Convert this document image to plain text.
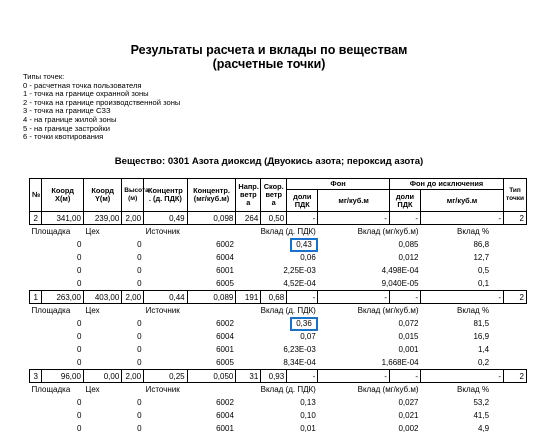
Результаты расчета и вклады по веществам
(расчетные точки)
Типы точек:
0 - расчетная точка пользователя
1 - точка на границе охранной зоны
2 - точка на границе производственной зоны
3 - точка на границе СЗЗ
4 - на границе жилой зоны
5 - на границе застройки
6 - точки квотирования
Вещество: 0301 Азота диоксид (Двуокись азота; пероксид азота)
№	Коорд X(м)	Коорд Y(м)	Высота (м)	Концентр . (д. ПДК)	Концентр. (мг/куб.м)	Напр. ветр а	Скор. ветр а	Фон		Фон до исключения			Тип точки
								доли ПДК	мг/куб.м	доли ПДК	мг/куб.м		
2	341,00	239,00	2,00	0,49	0,098	264	0,50	-	-	-	-		2
Площадка		Цех		Источник		Вклад (д. ПДК)			Вклад (мг/куб.м)		Вклад %		
0		0		6002		0,43			0,085		86,8		
0		0		6004		0,06			0,012		12,7		
0		0		6001		2,25E-03			4,498E-04		0,5		
0		0		6005		4,52E-04			9,040E-05		0,1		
1	263,00	403,00	2,00	0,44	0,089	191	0,68	-	-	-	-		2
Площадка		Цех		Источник		Вклад (д. ПДК)			Вклад (мг/куб.м)		Вклад %		
0		0		6002		0,36			0,072		81,5		
0		0		6004		0,07			0,015		16,9		
0		0		6001		6,23E-03			0,001		1,4		
0		0		6005		8,34E-04			1,668E-04		0,2		
3	96,00	0,00	2,00	0,25	0,050	31	0,93	-	-	-	-		2
Площадка		Цех		Источник		Вклад (д. ПДК)			Вклад (мг/куб.м)		Вклад %		
0		0		6002		0,13			0,027		53,2		
0		0		6004		0,10			0,021		41,5		
0		0		6001		0,01			0,002		4,9		
